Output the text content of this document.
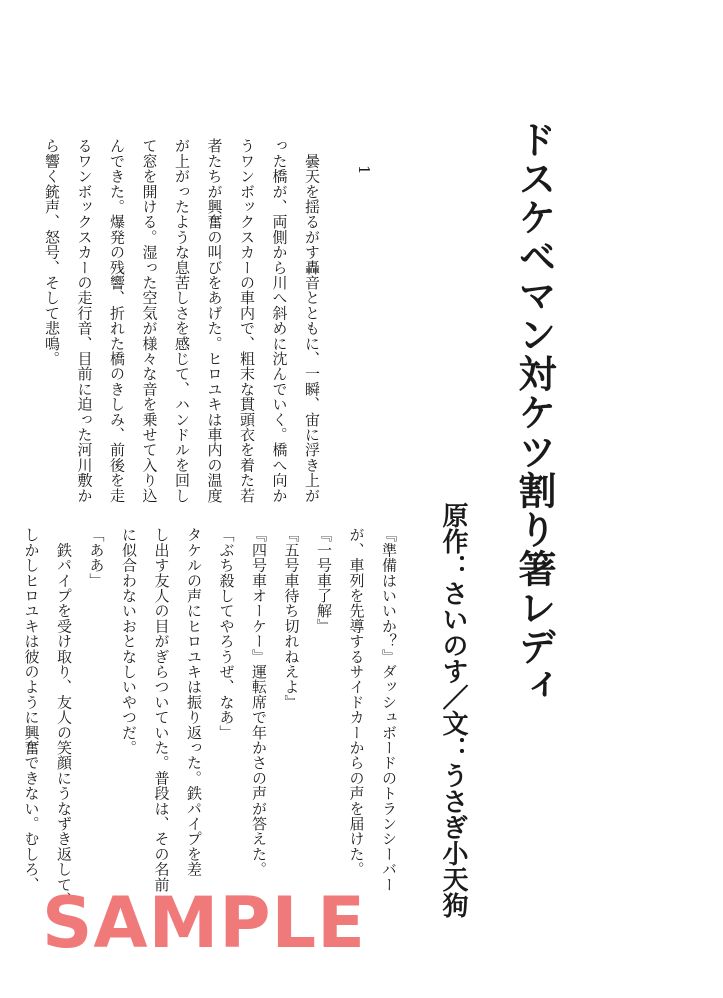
ドスケベマン対ケツ割り箸レディ
原作：さいのす／文：うさぎ小天狗
1
　曇天を揺るがす轟音とともに、一瞬、宙に浮き上が
った橋が、両側から川へ斜めに沈んでいく。橋へ向か
うワンボックスカーの車内で、粗末な貫頭衣を着た若
者たちが興奮の叫びをあげた。ヒロユキは車内の温度
が上がったような息苦しさを感じて、ハンドルを回し
て窓を開ける。湿った空気が様々な音を乗せて入り込
んできた。爆発の残響、折れた橋のきしみ、前後を走
るワンボックスカーの走行音、目前に迫った河川敷か
ら響く銃声、怒号、そして悲鳴。
『準備はいいか？』ダッシュボードのトランシーバー
が、車列を先導するサイドカーからの声を届けた。
『一号車了解』
『五号車待ち切れねえよ』
『四号車オーケー』運転席で年かさの声が答えた。
「ぶち殺してやろうぜ、なあ」
タケルの声にヒロユキは振り返った。鉄パイプを差
し出す友人の目がぎらついていた。普段は、その名前
に似合わないおとなしいやつだ。
「ああ」
　鉄パイプを受け取り、友人の笑顔にうなずき返して、
しかしヒロユキは彼のように興奮できない。むしろ、
SAMPLE
